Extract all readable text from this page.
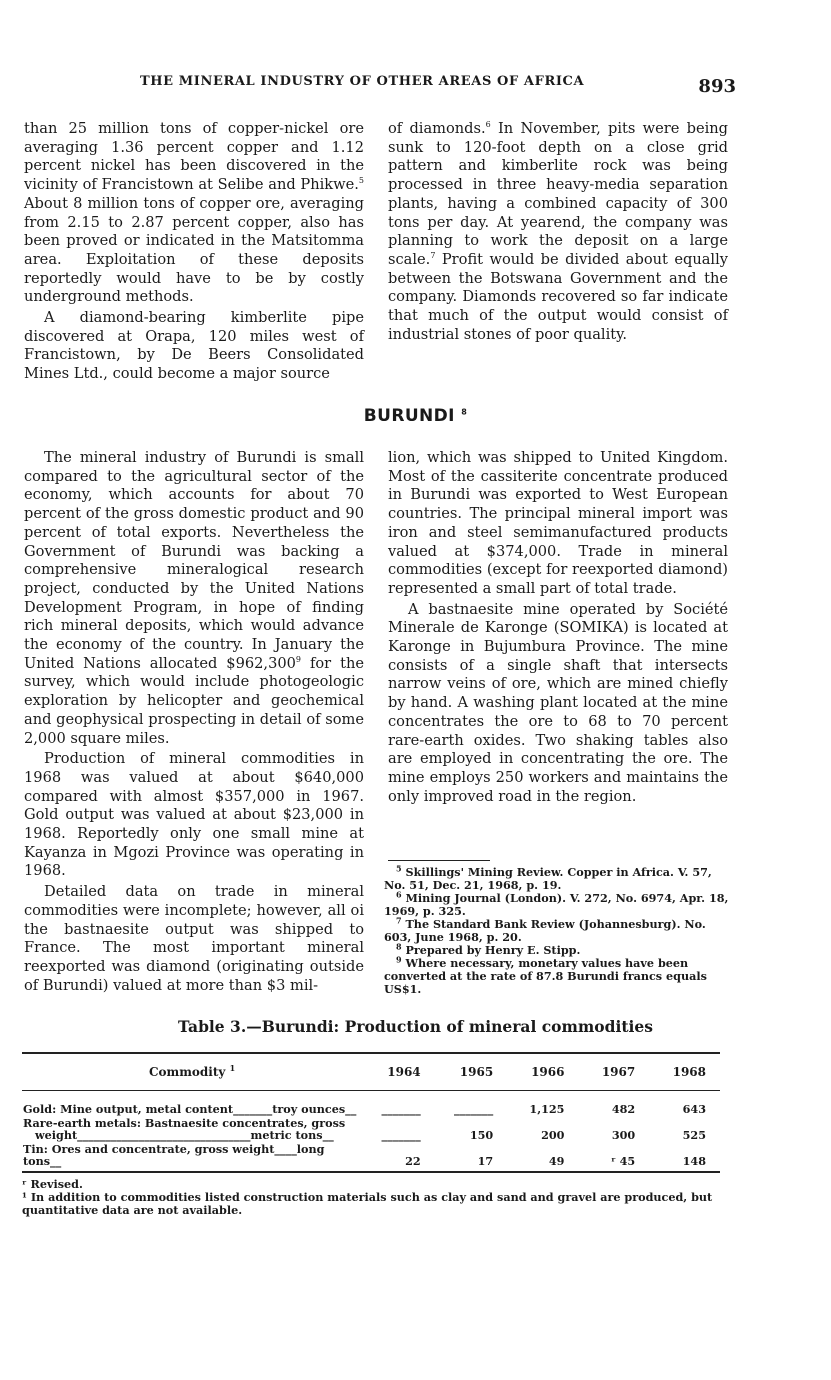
THE MINERAL INDUSTRY OF OTHER AREAS OF AFRICA	893

than 25 million tons of copper-nickel ore averaging 1.36 percent copper and 1.12 percent nickel has been discovered in the vicinity of Francistown at Selibe and Phikwe.$^5$ About 8 million tons of copper ore, averaging from 2.15 to 2.87 percent copper, also has been proved or indicated in the Matsitomma area. Exploitation of these deposits reportedly would have to be by costly underground methods.

A diamond-bearing kimberlite pipe discovered at Orapa, 120 miles west of Francistown, by De Beers Consolidated Mines Ltd., could become a major source

of diamonds.$^6$ In November, pits were being sunk to 120-foot depth on a close grid pattern and kimberlite rock was being processed in three heavy-media separation plants, having a combined capacity of 300 tons per day. At yearend, the company was planning to work the deposit on a large scale.$^7$ Profit would be divided about equally between the Botswana Government and the company. Diamonds recovered so far indicate that much of the output would consist of industrial stones of poor quality.

BURUNDI $^8$

The mineral industry of Burundi is small compared to the agricultural sector of the economy, which accounts for about 70 percent of the gross domestic product and 90 percent of total exports. Nevertheless the Government of Burundi was backing a comprehensive mineralogical research project, conducted by the United Nations Development Program, in hope of finding rich mineral deposits, which would advance the economy of the country. In January the United Nations allocated $962,300$^9$ for the survey, which would include photogeologic exploration by helicopter and geochemical and geophysical prospecting in detail of some 2,000 square miles.

Production of mineral commodities in 1968 was valued at about $640,000 compared with almost $357,000 in 1967. Gold output was valued at about $23,000 in 1968. Reportedly only one small mine at Kayanza in Mgozi Province was operating in 1968.

Detailed data on trade in mineral commodities were incomplete; however, all oi the bastnaesite output was shipped to France. The most important mineral reexported was diamond (originating outside of Burundi) valued at more than $3 mil-

lion, which was shipped to United Kingdom. Most of the cassiterite concentrate produced in Burundi was exported to West European countries. The principal mineral import was iron and steel semimanufactured products valued at $374,000. Trade in mineral commodities (except for reexported diamond) represented a small part of total trade.

A bastnaesite mine operated by Société Minerale de Karonge (SOMIKA) is located at Karonge in Bujumbura Province. The mine consists of a single shaft that intersects narrow veins of ore, which are mined chiefly by hand. A washing plant located at the mine concentrates the ore to 68 to 70 percent rare-earth oxides. Two shaking tables also are employed in concentrating the ore. The mine employs 250 workers and maintains the only improved road in the region.

$^5$ Skillings' Mining Review. Copper in Africa. V. 57, No. 51, Dec. 21, 1968, p. 19.
$^6$ Mining Journal (London). V. 272, No. 6974, Apr. 18, 1969, p. 325.
$^7$ The Standard Bank Review (Johannesburg). No. 603, June 1968, p. 20.
$^8$ Prepared by Henry E. Stipp.
$^9$ Where necessary, monetary values have been converted at the rate of 87.8 Burundi francs equals US$1.
Table 3.—Burundi: Production of mineral commodities
Commodity $^1$	1964	1965	1966	1967	1968
Gold: Mine output, metal content_______troy ounces__	_______	_______	1,125	482	643

Rare-earth metals: Bastnaesite concentrates, gross
weight_______________________________metric tons__	_______	150	200	300	525
Tin: Ores and concentrate, gross weight____long tons__	22	17	49	ʳ 45	148
ʳ Revised.
¹ In addition to commodities listed construction materials such as clay and sand and gravel are produced, but quantitative data are not available.
